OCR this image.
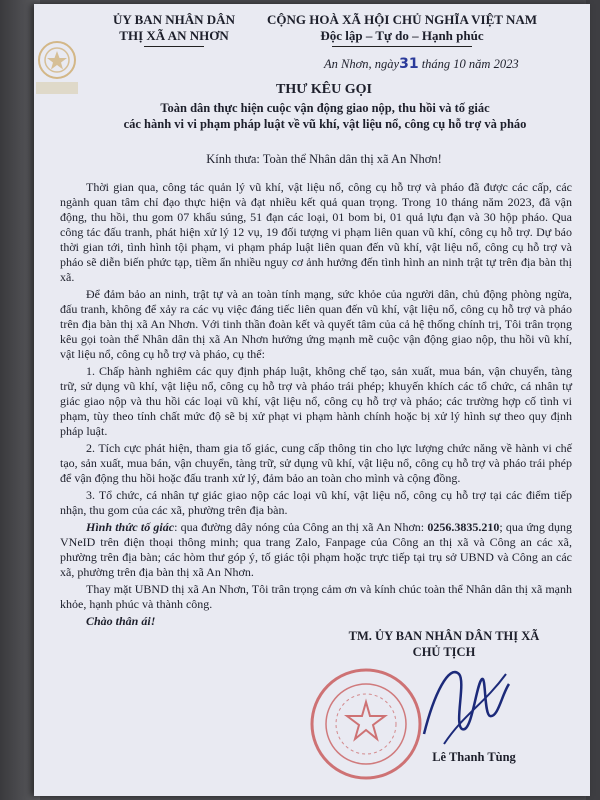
ỦY BAN NHÂN DÂN
THỊ XÃ AN NHƠN
CỘNG HOÀ XÃ HỘI CHỦ NGHĨA VIỆT NAM
Độc lập – Tự do – Hạnh phúc
An Nhơn, ngày31 tháng 10 năm 2023
THƯ KÊU GỌI
Toàn dân thực hiện cuộc vận động giao nộp, thu hồi và tố giác
các hành vi vi phạm pháp luật về vũ khí, vật liệu nổ, công cụ hỗ trợ và pháo
Kính thưa: Toàn thể Nhân dân thị xã An Nhơn!

Thời gian qua, công tác quản lý vũ khí, vật liệu nổ, công cụ hỗ trợ và pháo đã được các cấp, các ngành quan tâm chỉ đạo thực hiện và đạt nhiều kết quả quan trọng. Trong 10 tháng năm 2023, đã vận động, thu hồi, thu gom 07 khẩu súng, 51 đạn các loại, 01 bom bi, 01 quả lựu đạn và 30 hộp pháo. Qua công tác đấu tranh, phát hiện xử lý 12 vụ, 19 đối tượng vi phạm liên quan vũ khí, công cụ hỗ trợ. Dự báo thời gian tới, tình hình tội phạm, vi phạm pháp luật liên quan đến vũ khí, vật liệu nổ, công cụ hỗ trợ và pháo sẽ diễn biến phức tạp, tiềm ẩn nhiều nguy cơ ảnh hưởng đến tình hình an ninh trật tự trên địa bàn thị xã.

Để đảm bảo an ninh, trật tự và an toàn tính mạng, sức khỏe của người dân, chủ động phòng ngừa, đấu tranh, không để xảy ra các vụ việc đáng tiếc liên quan đến vũ khí, vật liệu nổ, công cụ hỗ trợ và pháo trên địa bàn thị xã An Nhơn. Với tinh thần đoàn kết và quyết tâm của cả hệ thống chính trị, Tôi trân trọng kêu gọi toàn thể Nhân dân thị xã An Nhơn hưởng ứng mạnh mẽ cuộc vận động giao nộp, thu hồi vũ khí, vật liệu nổ, công cụ hỗ trợ và pháo, cụ thể:

1. Chấp hành nghiêm các quy định pháp luật, không chế tạo, sản xuất, mua bán, vận chuyển, tàng trữ, sử dụng vũ khí, vật liệu nổ, công cụ hỗ trợ và pháo trái phép; khuyến khích các tổ chức, cá nhân tự giác giao nộp và thu hồi các loại vũ khí, vật liệu nổ, công cụ hỗ trợ và pháo; các trường hợp cố tình vi phạm, tùy theo tính chất mức độ sẽ bị xử phạt vi phạm hành chính hoặc bị xử lý hình sự theo quy định pháp luật.

2. Tích cực phát hiện, tham gia tố giác, cung cấp thông tin cho lực lượng chức năng về hành vi chế tạo, sản xuất, mua bán, vận chuyển, tàng trữ, sử dụng vũ khí, vật liệu nổ, công cụ hỗ trợ và pháo trái phép để vận động thu hồi hoặc đấu tranh xử lý, đảm bảo an toàn cho mình và cộng đồng.

3. Tổ chức, cá nhân tự giác giao nộp các loại vũ khí, vật liệu nổ, công cụ hỗ trợ tại các điểm tiếp nhận, thu gom của các xã, phường trên địa bàn.

Hình thức tố giác: qua đường dây nóng của Công an thị xã An Nhơn: 0256.3835.210; qua ứng dụng VNeID trên điện thoại thông minh; qua trang Zalo, Fanpage của Công an thị xã và Công an các xã, phường trên địa bàn; các hòm thư góp ý, tố giác tội phạm hoặc trực tiếp tại trụ sở UBND và Công an các xã, phường trên địa bàn thị xã An Nhơn.

Thay mặt UBND thị xã An Nhơn, Tôi trân trọng cảm ơn và kính chúc toàn thể Nhân dân thị xã mạnh khỏe, hạnh phúc và thành công.

Chào thân ái!

TM. ỦY BAN NHÂN DÂN THỊ XÃ
CHỦ TỊCH
Lê Thanh Tùng
